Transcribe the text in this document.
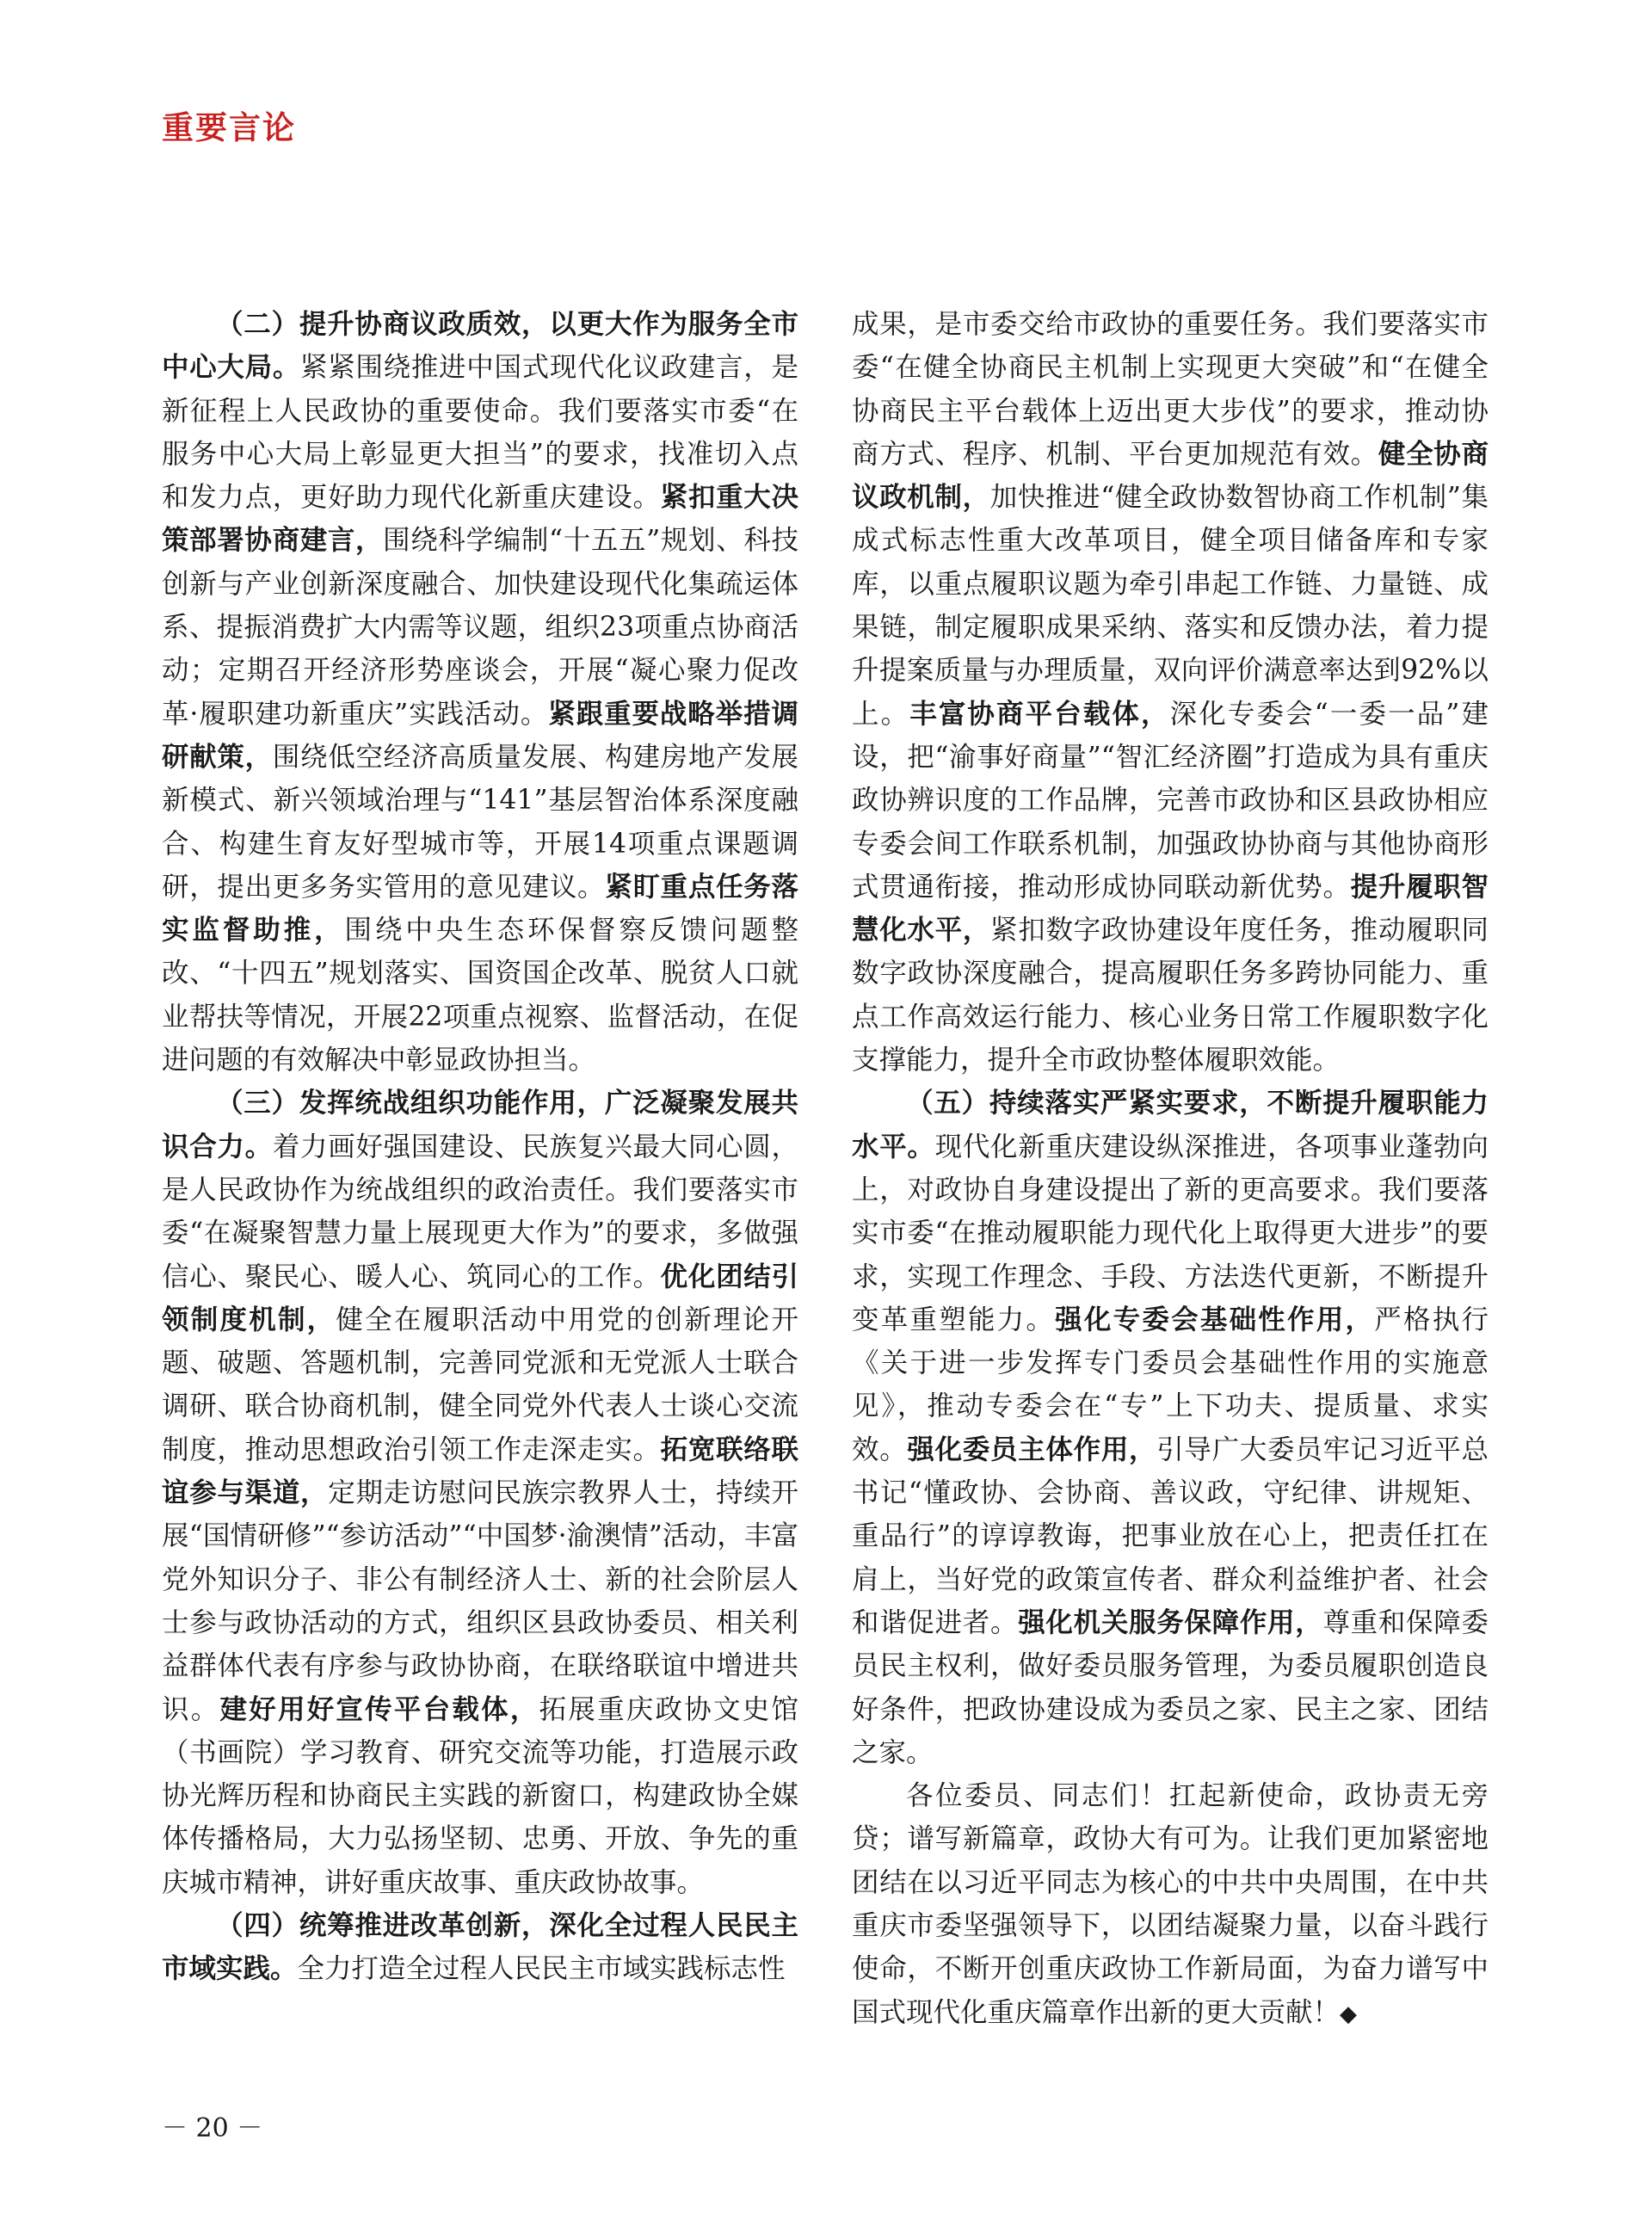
重要言论

（二）提升协商议政质效，以更大作为服务全市中心大局。紧紧围绕推进中国式现代化议政建言，是新征程上人民政协的重要使命。我们要落实市委“在服务中心大局上彰显更大担当”的要求，找准切入点和发力点，更好助力现代化新重庆建设。紧扣重大决策部署协商建言，围绕科学编制“十五五”规划、科技创新与产业创新深度融合、加快建设现代化集疏运体系、提振消费扩大内需等议题，组织23项重点协商活动；定期召开经济形势座谈会，开展“凝心聚力促改革·履职建功新重庆”实践活动。紧跟重要战略举措调研献策，围绕低空经济高质量发展、构建房地产发展新模式、新兴领域治理与“141”基层智治体系深度融合、构建生育友好型城市等，开展14项重点课题调研，提出更多务实管用的意见建议。紧盯重点任务落实监督助推，围绕中央生态环保督察反馈问题整改、“十四五”规划落实、国资国企改革、脱贫人口就业帮扶等情况，开展22项重点视察、监督活动，在促进问题的有效解决中彰显政协担当。

（三）发挥统战组织功能作用，广泛凝聚发展共识合力。着力画好强国建设、民族复兴最大同心圆，是人民政协作为统战组织的政治责任。我们要落实市委“在凝聚智慧力量上展现更大作为”的要求，多做强信心、聚民心、暖人心、筑同心的工作。优化团结引领制度机制，健全在履职活动中用党的创新理论开题、破题、答题机制，完善同党派和无党派人士联合调研、联合协商机制，健全同党外代表人士谈心交流制度，推动思想政治引领工作走深走实。拓宽联络联谊参与渠道，定期走访慰问民族宗教界人士，持续开展“国情研修”“参访活动”“中国梦·渝澳情”活动，丰富党外知识分子、非公有制经济人士、新的社会阶层人士参与政协活动的方式，组织区县政协委员、相关利益群体代表有序参与政协协商，在联络联谊中增进共识。建好用好宣传平台载体，拓展重庆政协文史馆（书画院）学习教育、研究交流等功能，打造展示政协光辉历程和协商民主实践的新窗口，构建政协全媒体传播格局，大力弘扬坚韧、忠勇、开放、争先的重庆城市精神，讲好重庆故事、重庆政协故事。

（四）统筹推进改革创新，深化全过程人民民主市域实践。全力打造全过程人民民主市域实践标志性

成果，是市委交给市政协的重要任务。我们要落实市委“在健全协商民主机制上实现更大突破”和“在健全协商民主平台载体上迈出更大步伐”的要求，推动协商方式、程序、机制、平台更加规范有效。健全协商议政机制，加快推进“健全政协数智协商工作机制”集成式标志性重大改革项目，健全项目储备库和专家库，以重点履职议题为牵引串起工作链、力量链、成果链，制定履职成果采纳、落实和反馈办法，着力提升提案质量与办理质量，双向评价满意率达到92%以上。丰富协商平台载体，深化专委会“一委一品”建设，把“渝事好商量”“智汇经济圈”打造成为具有重庆政协辨识度的工作品牌，完善市政协和区县政协相应专委会间工作联系机制，加强政协协商与其他协商形式贯通衔接，推动形成协同联动新优势。提升履职智慧化水平，紧扣数字政协建设年度任务，推动履职同数字政协深度融合，提高履职任务多跨协同能力、重点工作高效运行能力、核心业务日常工作履职数字化支撑能力，提升全市政协整体履职效能。

（五）持续落实严紧实要求，不断提升履职能力水平。现代化新重庆建设纵深推进，各项事业蓬勃向上，对政协自身建设提出了新的更高要求。我们要落实市委“在推动履职能力现代化上取得更大进步”的要求，实现工作理念、手段、方法迭代更新，不断提升变革重塑能力。强化专委会基础性作用，严格执行《关于进一步发挥专门委员会基础性作用的实施意见》，推动专委会在“专”上下功夫、提质量、求实效。强化委员主体作用，引导广大委员牢记习近平总书记“懂政协、会协商、善议政，守纪律、讲规矩、重品行”的谆谆教诲，把事业放在心上，把责任扛在肩上，当好党的政策宣传者、群众利益维护者、社会和谐促进者。强化机关服务保障作用，尊重和保障委员民主权利，做好委员服务管理，为委员履职创造良好条件，把政协建设成为委员之家、民主之家、团结之家。

各位委员、同志们！扛起新使命，政协责无旁贷；谱写新篇章，政协大有可为。让我们更加紧密地团结在以习近平同志为核心的中共中央周围，在中共重庆市委坚强领导下，以团结凝聚力量，以奋斗践行使命，不断开创重庆政协工作新局面，为奋力谱写中国式现代化重庆篇章作出新的更大贡献！◆

－ 20 －
